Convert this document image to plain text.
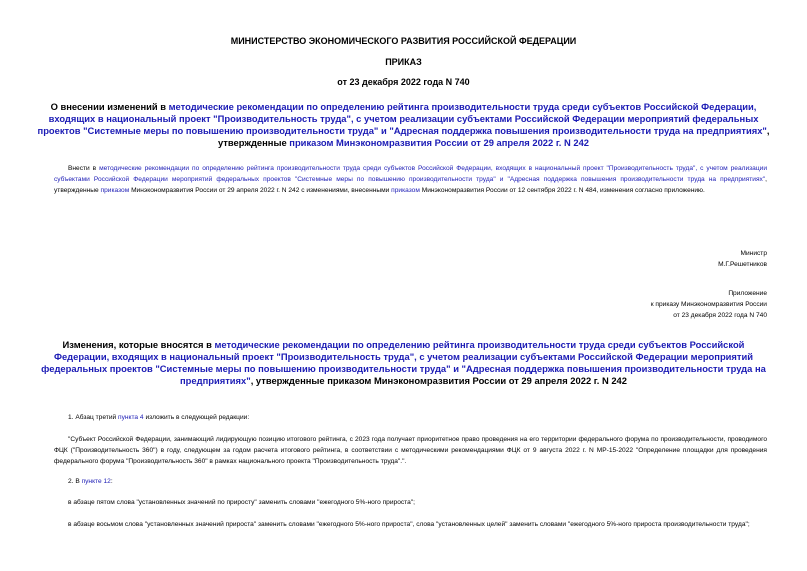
МИНИСТЕРСТВО ЭКОНОМИЧЕСКОГО РАЗВИТИЯ РОССИЙСКОЙ ФЕДЕРАЦИИ
ПРИКАЗ
от 23 декабря 2022 года N 740
О внесении изменений в методические рекомендации по определению рейтинга производительности труда среди субъектов Российской Федерации, входящих в национальный проект "Производительность труда", с учетом реализации субъектами Российской Федерации мероприятий федеральных проектов "Системные меры по повышению производительности труда" и "Адресная поддержка повышения производительности труда на предприятиях", утвержденные приказом Минэкономразвития России от 29 апреля 2022 г. N 242
Внести в методические рекомендации по определению рейтинга производительности труда среди субъектов Российской Федерации, входящих в национальный проект "Производительность труда", с учетом реализации субъектами Российской Федерации мероприятий федеральных проектов "Системные меры по повышению производительности труда" и "Адресная поддержка повышения производительности труда на предприятиях", утвержденные приказом Минэкономразвития России от 29 апреля 2022 г. N 242 с изменениями, внесенными приказом Минэкономразвития России от 12 сентября 2022 г. N 484, изменения согласно приложению.
Министр
М.Г.Решетников
Приложение
к приказу Минэкономразвития России
от 23 декабря 2022 года N 740
Изменения, которые вносятся в методические рекомендации по определению рейтинга производительности труда среди субъектов Российской Федерации, входящих в национальный проект "Производительность труда", с учетом реализации субъектами Российской Федерации мероприятий федеральных проектов "Системные меры по повышению производительности труда" и "Адресная поддержка повышения производительности труда на предприятиях", утвержденные приказом Минэкономразвития России от 29 апреля 2022 г. N 242
1. Абзац третий пункта 4 изложить в следующей редакции:
"Субъект Российской Федерации, занимающий лидирующую позицию итогового рейтинга, с 2023 года получает приоритетное право проведения на его территории федерального форума по производительности, проводимого ФЦК ("Производительность 360") в году, следующем за годом расчета итогового рейтинга, в соответствии с методическими рекомендациями ФЦК от 9 августа 2022 г. N МР-15-2022 "Определение площадки для проведения федерального форума "Производительность 360" в рамках национального проекта "Производительность труда".".
2. В пункте 12:
в абзаце пятом слова "установленных значений по приросту" заменить словами "ежегодного 5%-ного прироста";
в абзаце восьмом слова "установленных значений прироста" заменить словами "ежегодного 5%-ного прироста", слова "установленных целей" заменить словами "ежегодного 5%-ного прироста производительности труда";
